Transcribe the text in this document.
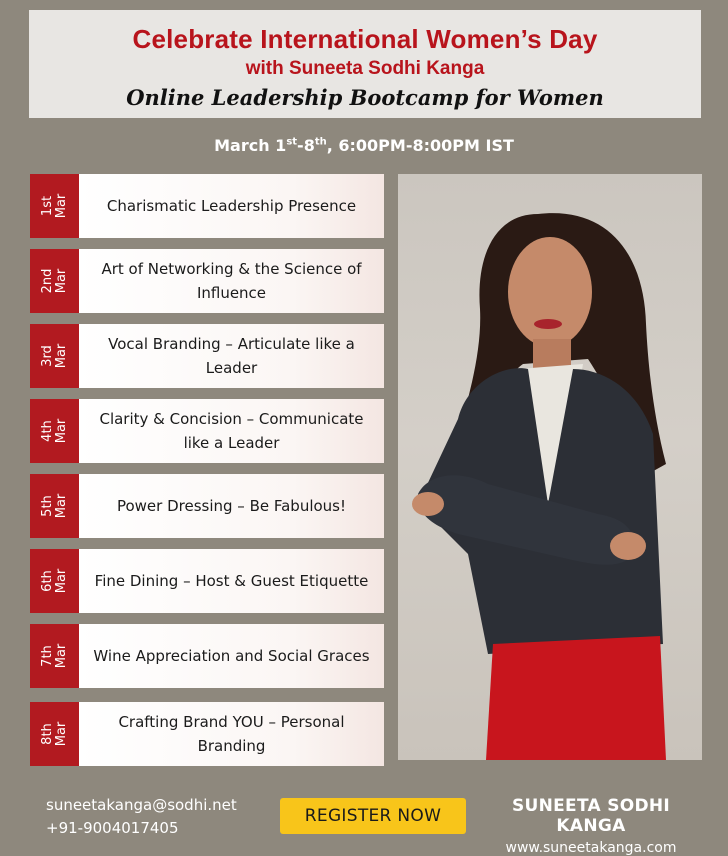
Celebrate International Women’s Day
with Suneeta Sodhi Kanga
Online Leadership Bootcamp for Women
March 1st-8th, 6:00PM-8:00PM IST
1st
Mar	Charismatic Leadership Presence
2nd
Mar	Art of Networking & the Science of Influence
3rd
Mar	Vocal Branding – Articulate like a Leader
4th
Mar	Clarity & Concision – Communicate like a Leader
5th
Mar	Power Dressing – Be Fabulous!
6th
Mar	Fine Dining – Host & Guest Etiquette
7th
Mar	Wine Appreciation and Social Graces
8th
Mar	Crafting Brand YOU – Personal Branding
suneetakanga@sodhi.net
+91-9004017405
REGISTER NOW	SUNEETA SODHI KANGA
www.suneetakanga.com
